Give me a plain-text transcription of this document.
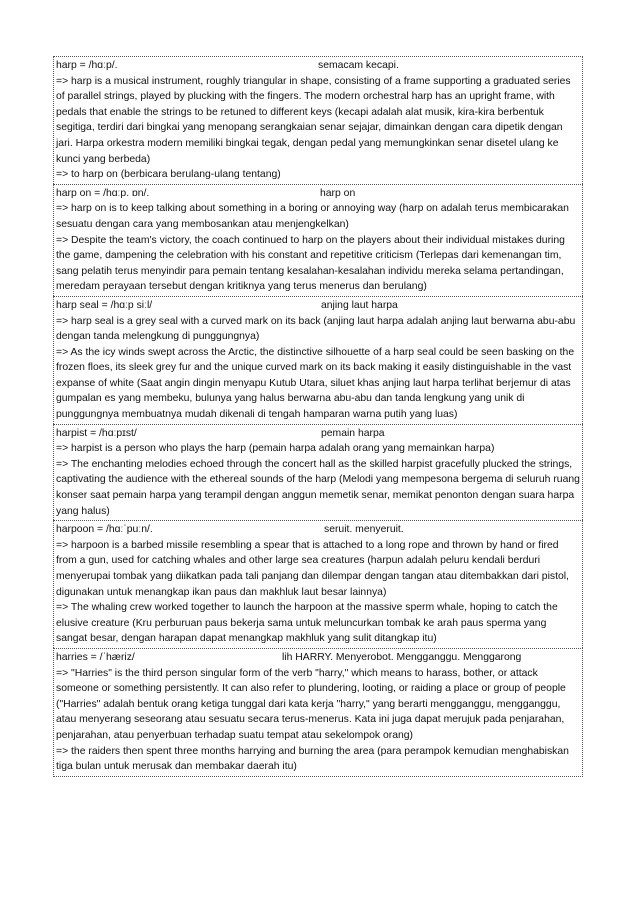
harp = /hɑːp/.	semacam kecapi.
=> harp is a musical instrument, roughly triangular in shape, consisting of a frame supporting a graduated series of parallel strings, played by plucking with the fingers. The modern orchestral harp has an upright frame, with pedals that enable the strings to be retuned to different keys (kecapi adalah alat musik, kira-kira berbentuk segitiga, terdiri dari bingkai yang menopang serangkaian senar sejajar, dimainkan dengan cara dipetik dengan jari. Harpa orkestra modern memiliki bingkai tegak, dengan pedal yang memungkinkan senar disetel ulang ke kunci yang berbeda)
=> to harp on (berbicara berulang-ulang tentang)
harp on = /hɑːp. ɒn/.	harp on
=> harp on is to keep talking about something in a boring or annoying way (harp on adalah terus membicarakan sesuatu dengan cara yang membosankan atau menjengkelkan)
=> Despite the team's victory, the coach continued to harp on the players about their individual mistakes during the game, dampening the celebration with his constant and repetitive criticism (Terlepas dari kemenangan tim, sang pelatih terus menyindir para pemain tentang kesalahan-kesalahan individu mereka selama pertandingan, meredam perayaan tersebut dengan kritiknya yang terus menerus dan berulang)
harp seal = /hɑːp siːl/	anjing laut harpa
=> harp seal is a grey seal with a curved mark on its back (anjing laut harpa adalah anjing laut berwarna abu-abu dengan tanda melengkung di punggungnya)
=> As the icy winds swept across the Arctic, the distinctive silhouette of a harp seal could be seen basking on the frozen floes, its sleek grey fur and the unique curved mark on its back making it easily distinguishable in the vast expanse of white (Saat angin dingin menyapu Kutub Utara, siluet khas anjing laut harpa terlihat berjemur di atas gumpalan es yang membeku, bulunya yang halus berwarna abu-abu dan tanda lengkung yang unik di punggungnya membuatnya mudah dikenali di tengah hamparan warna putih yang luas)
harpist = /hɑːpɪst/	pemain harpa
=> harpist is a person who plays the harp (pemain harpa adalah orang yang memainkan harpa)
=> The enchanting melodies echoed through the concert hall as the skilled harpist gracefully plucked the strings, captivating the audience with the ethereal sounds of the harp (Melodi yang mempesona bergema di seluruh ruang konser saat pemain harpa yang terampil dengan anggun memetik senar, memikat penonton dengan suara harpa yang halus)
harpoon = /hɑːˈpuːn/.	seruit. menyeruit.
=> harpoon is a barbed missile resembling a spear that is attached to a long rope and thrown by hand or fired from a gun, used for catching whales and other large sea creatures (harpun adalah peluru kendali berduri menyerupai tombak yang diikatkan pada tali panjang dan dilempar dengan tangan atau ditembakkan dari pistol, digunakan untuk menangkap ikan paus dan makhluk laut besar lainnya)
=> The whaling crew worked together to launch the harpoon at the massive sperm whale, hoping to catch the elusive creature (Kru perburuan paus bekerja sama untuk meluncurkan tombak ke arah paus sperma yang sangat besar, dengan harapan dapat menangkap makhluk yang sulit ditangkap itu)
harries = /ˈhæriz/	lih HARRY. Menyerobot. Mengganggu. Menggarong
=> "Harries" is the third person singular form of the verb "harry," which means to harass, bother, or attack someone or something persistently. It can also refer to plundering, looting, or raiding a place or group of people ("Harries" adalah bentuk orang ketiga tunggal dari kata kerja "harry," yang berarti mengganggu, mengganggu, atau menyerang seseorang atau sesuatu secara terus-menerus. Kata ini juga dapat merujuk pada penjarahan, penjarahan, atau penyerbuan terhadap suatu tempat atau sekelompok orang)
=> the raiders then spent three months harrying and burning the area (para perampok kemudian menghabiskan tiga bulan untuk merusak dan membakar daerah itu)
